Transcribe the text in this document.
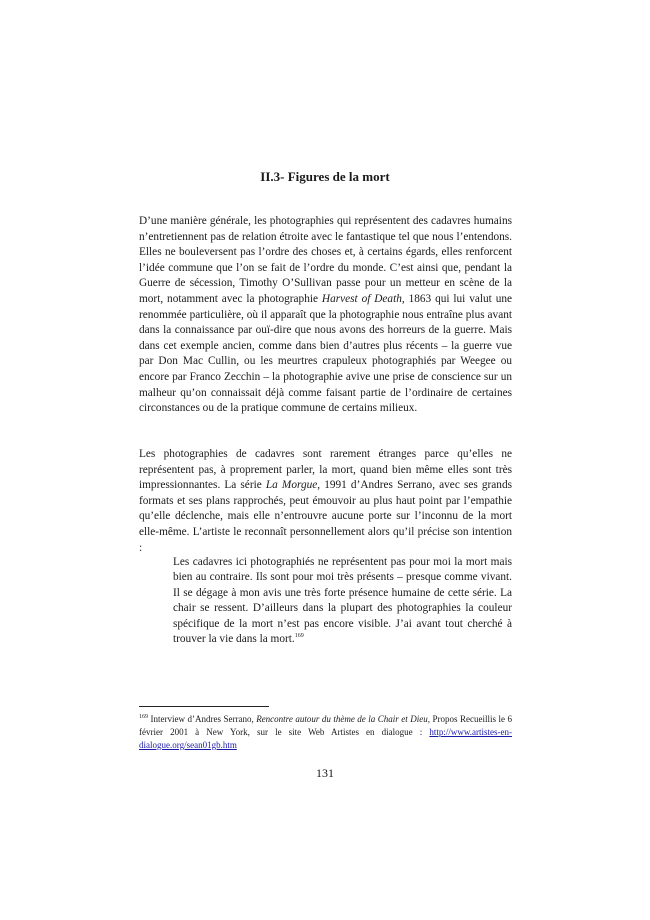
II.3- Figures de la mort

D’une manière générale, les photographies qui représentent des cadavres humains n’entretiennent pas de relation étroite avec le fantastique tel que nous l’entendons. Elles ne bouleversent pas l’ordre des choses et, à certains égards, elles renforcent l’idée commune que l’on se fait de l’ordre du monde. C’est ainsi que, pendant la Guerre de sécession, Timothy O’Sullivan passe pour un metteur en scène de la mort, notamment avec la photographie Harvest of Death, 1863 qui lui valut une renommée particulière, où il apparaît que la photographie nous entraîne plus avant dans la connaissance par ouï-dire que nous avons des horreurs de la guerre. Mais dans cet exemple ancien, comme dans bien d’autres plus récents – la guerre vue par Don Mac Cullin, ou les meurtres crapuleux photographiés par Weegee ou encore par Franco Zecchin – la photographie avive une prise de conscience sur un malheur qu’on connaissait déjà comme faisant partie de l’ordinaire de certaines circonstances ou de la pratique commune de certains milieux.

Les photographies de cadavres sont rarement étranges parce qu’elles ne représentent pas, à proprement parler, la mort, quand bien même elles sont très impressionnantes. La série La Morgue, 1991 d’Andres Serrano, avec ses grands formats et ses plans rapprochés, peut émouvoir au plus haut point par l’empathie qu’elle déclenche, mais elle n’entrouvre aucune porte sur l’inconnu de la mort elle-même. L’artiste le reconnaît personnellement alors qu’il précise son intention :

Les cadavres ici photographiés ne représentent pas pour moi la mort mais bien au contraire. Ils sont pour moi très présents – presque comme vivant. Il se dégage à mon avis une très forte présence humaine de cette série. La chair se ressent. D’ailleurs dans la plupart des photographies la couleur spécifique de la mort n’est pas encore visible. J’ai avant tout cherché à trouver la vie dans la mort.$^{169}$

$^{169}$ Interview d’Andres Serrano, Rencontre autour du thème de la Chair et Dieu, Propos Recueillis le 6 février 2001 à New York, sur le site Web Artistes en dialogue : http://www.artistes-en-dialogue.org/sean01gb.htm

131
